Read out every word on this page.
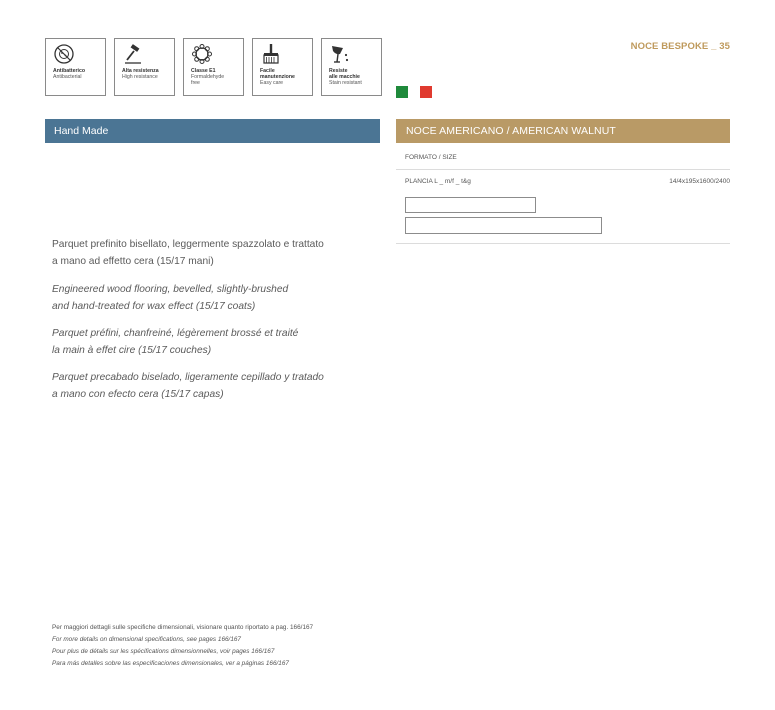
Antibatterico
Antibacterial
Alta resistenza
High resistance
Classe E1
Formaldehyde
free
Facile
manutenzione
Easy care
Resiste
alle macchie
Stain resistant
NOCE BESPOKE _ 35
Hand Made	NOCE AMERICANO / AMERICAN WALNUT
FORMATO / SIZE
PLANCIA L _ m/f _ t&g	14/4x195x1600/2400

Parquet prefinito bisellato, leggermente spazzolato e trattato
a mano ad effetto cera (15/17 mani)

Engineered wood flooring, bevelled, slightly-brushed
and hand-treated for wax effect (15/17 coats)

Parquet préfini, chanfreiné, légèrement brossé et traité
la main à effet cire (15/17 couches)

Parquet precabado biselado, ligeramente cepillado y tratado
a mano con efecto cera (15/17 capas)

Per maggiori dettagli sulle specifiche dimensionali, visionare quanto riportato a pag. 166/167
For more details on dimensional specifications, see pages 166/167
Pour plus de détails sur les spécifications dimensionnelles, voir pages 166/167
Para más detalles sobre las especificaciones dimensionales, ver a páginas 166/167
